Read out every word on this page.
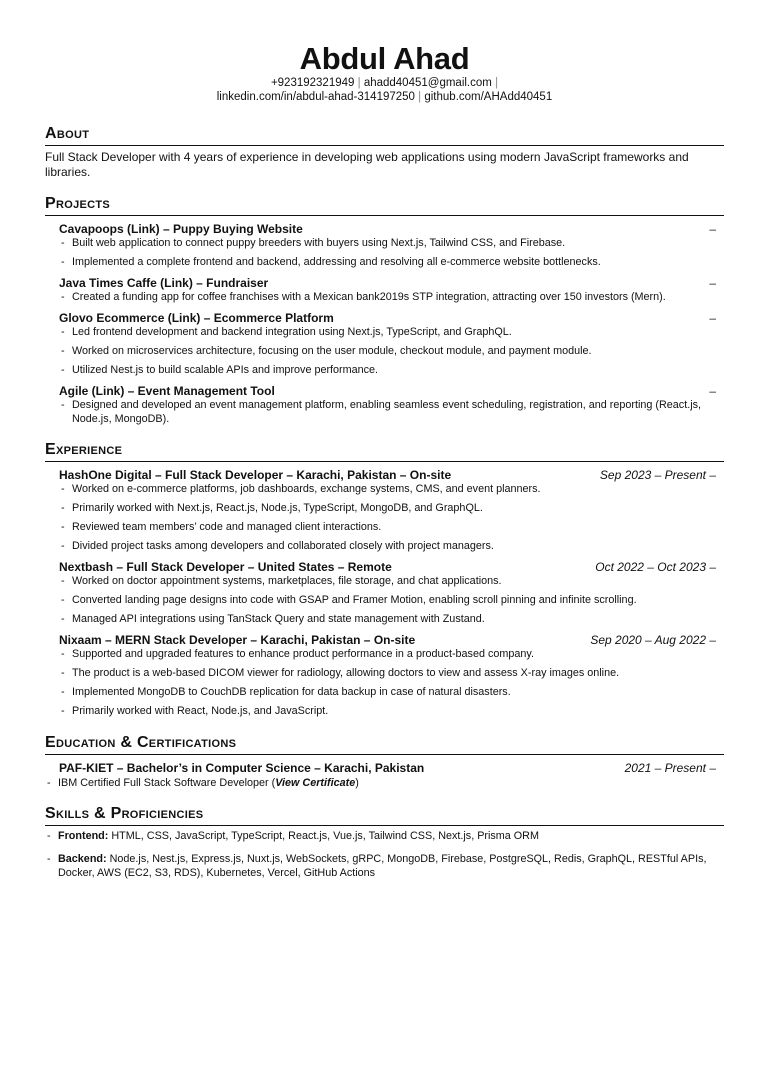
Abdul Ahad
+923192321949 | ahadd40451@gmail.com |
linkedin.com/in/abdul-ahad-314197250 | github.com/AHAdd40451
About
Full Stack Developer with 4 years of experience in developing web applications using modern JavaScript frameworks and libraries.
Projects
Cavapoops (Link) – Puppy Buying Website	–
- Built web application to connect puppy breeders with buyers using Next.js, Tailwind CSS, and Firebase.
- Implemented a complete frontend and backend, addressing and resolving all e-commerce website bottlenecks.
Java Times Caffe (Link) – Fundraiser	–
- Created a funding app for coffee franchises with a Mexican bank2019s STP integration, attracting over 150 investors (Mern).
Glovo Ecommerce (Link) – Ecommerce Platform	–
- Led frontend development and backend integration using Next.js, TypeScript, and GraphQL.
- Worked on microservices architecture, focusing on the user module, checkout module, and payment module.
- Utilized Nest.js to build scalable APIs and improve performance.
Agile (Link) – Event Management Tool	–
- Designed and developed an event management platform, enabling seamless event scheduling, registration, and reporting (React.js, Node.js, MongoDB).
Experience
HashOne Digital – Full Stack Developer – Karachi, Pakistan – On-site	Sep 2023 – Present –
- Worked on e-commerce platforms, job dashboards, exchange systems, CMS, and event planners.
- Primarily worked with Next.js, React.js, Node.js, TypeScript, MongoDB, and GraphQL.
- Reviewed team members’ code and managed client interactions.
- Divided project tasks among developers and collaborated closely with project managers.
Nextbash – Full Stack Developer – United States – Remote	Oct 2022 – Oct 2023 –
- Worked on doctor appointment systems, marketplaces, file storage, and chat applications.
- Converted landing page designs into code with GSAP and Framer Motion, enabling scroll pinning and infinite scrolling.
- Managed API integrations using TanStack Query and state management with Zustand.
Nixaam – MERN Stack Developer – Karachi, Pakistan – On-site	Sep 2020 – Aug 2022 –
- Supported and upgraded features to enhance product performance in a product-based company.
- The product is a web-based DICOM viewer for radiology, allowing doctors to view and assess X-ray images online.
- Implemented MongoDB to CouchDB replication for data backup in case of natural disasters.
- Primarily worked with React, Node.js, and JavaScript.
Education & Certifications
PAF-KIET – Bachelor’s in Computer Science – Karachi, Pakistan	2021 – Present –
- IBM Certified Full Stack Software Developer (View Certificate)
Skills & Proficiencies
- Frontend: HTML, CSS, JavaScript, TypeScript, React.js, Vue.js, Tailwind CSS, Next.js, Prisma ORM
- Backend: Node.js, Nest.js, Express.js, Nuxt.js, WebSockets, gRPC, MongoDB, Firebase, PostgreSQL, Redis, GraphQL, RESTful APIs, Docker, AWS (EC2, S3, RDS), Kubernetes, Vercel, GitHub Actions
